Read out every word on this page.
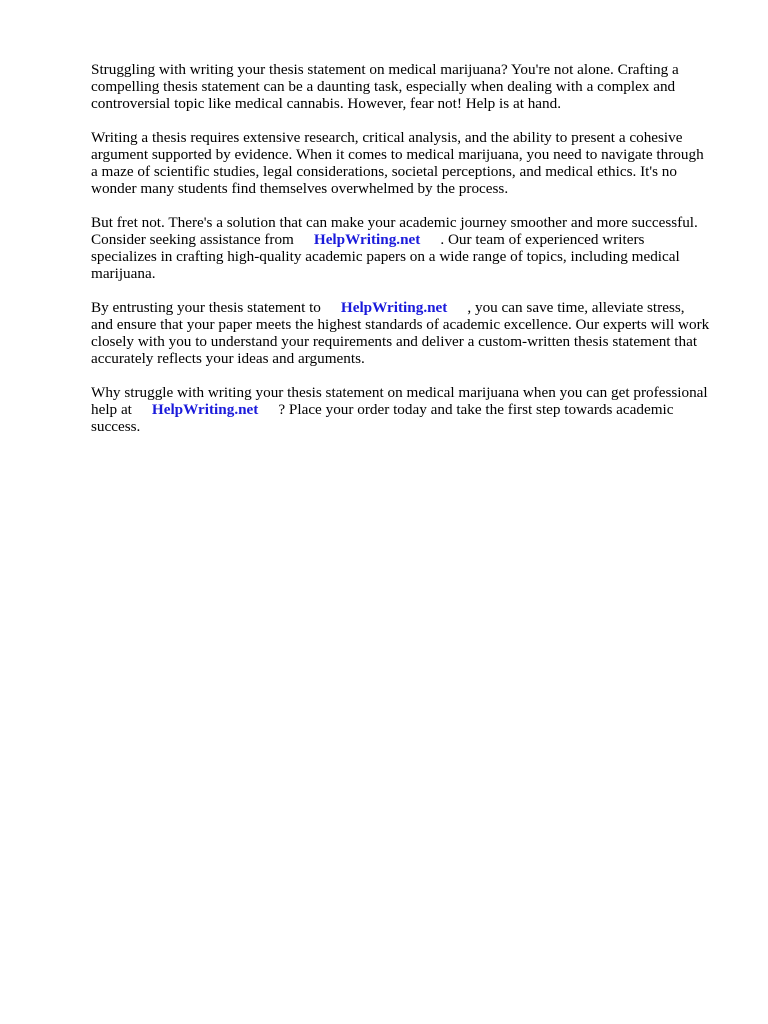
Struggling with writing your thesis statement on medical marijuana? You're not alone. Crafting a
compelling thesis statement can be a daunting task, especially when dealing with a complex and
controversial topic like medical cannabis. However, fear not! Help is at hand.

Writing a thesis requires extensive research, critical analysis, and the ability to present a cohesive
argument supported by evidence. When it comes to medical marijuana, you need to navigate through
a maze of scientific studies, legal considerations, societal perceptions, and medical ethics. It's no
wonder many students find themselves overwhelmed by the process.

But fret not. There's a solution that can make your academic journey smoother and more successful.
Consider seeking assistance from HelpWriting.net . Our team of experienced writers
specializes in crafting high-quality academic papers on a wide range of topics, including medical
marijuana.

By entrusting your thesis statement to HelpWriting.net , you can save time, alleviate stress,
and ensure that your paper meets the highest standards of academic excellence. Our experts will work
closely with you to understand your requirements and deliver a custom-written thesis statement that
accurately reflects your ideas and arguments.

Why struggle with writing your thesis statement on medical marijuana when you can get professional
help at HelpWriting.net ? Place your order today and take the first step towards academic
success.
